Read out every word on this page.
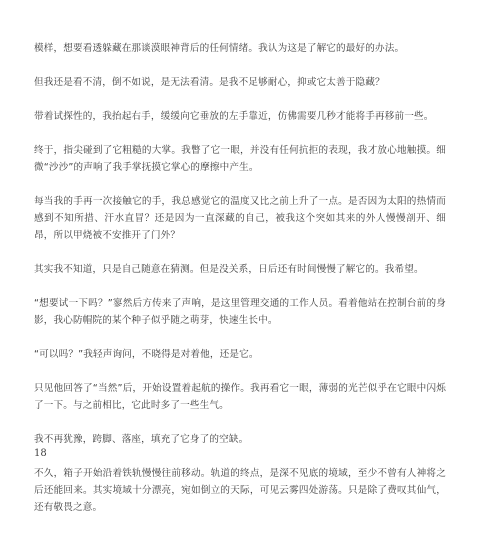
模样，想要看透躲藏在那谈漠眼神背后的任何情绪。我认为这是了解它的最好的办法。

但我还是看不清，倒不如说，是无法看清。是我不足够耐心，抑或它太善于隐藏？

带着试探性的，我抬起右手，缓缓向它垂放的左手靠近，仿佛需要几秒才能将手再移前一些。

终于，指尖碰到了它粗糙的大掌。我瞥了它一眼，并没有任何抗拒的表现，我才放心地触摸。细微“沙沙”的声响了我手掌抚摸它掌心的摩擦中产生。

每当我的手再一次接触它的手，我总感觉它的温度又比之前上升了一点。是否因为太阳的热情而感到不知所措、汗水直冒？还是因为一直深藏的自己，被我这个突如其来的外人慢慢剖开、细昂，所以甲烧被不安推开了门外？

其实我不知道，只是自己随意在猜测。但是没关系，日后还有时间慢慢了解它的。我希望。

“想要试一下吗？”寥然后方传来了声响，是这里管理交通的工作人员。看着他站在控制台前的身影，我心防帽院的某个种子似乎随之萌芽，快速生长中。

“可以吗？”我轻声询问，不晓得是对着他，还是它。

只见他回答了“当然”后，开始设置着起航的操作。我再看它一眼，薄弱的光芒似乎在它眼中闪烁了一下。与之前相比，它此时多了一些生气。

我不再犹豫，跨脚、落座，填充了它身了的空缺。

不久，箱子开始沿着铁轨慢慢往前移动。轨道的终点，是深不见底的境域，至少不曾有人神将之后还能回来。其实境域十分漂亮，宛如倒立的天际，可见云雾四处游荡。只是除了费叹其仙气，还有敬畏之意。

18
